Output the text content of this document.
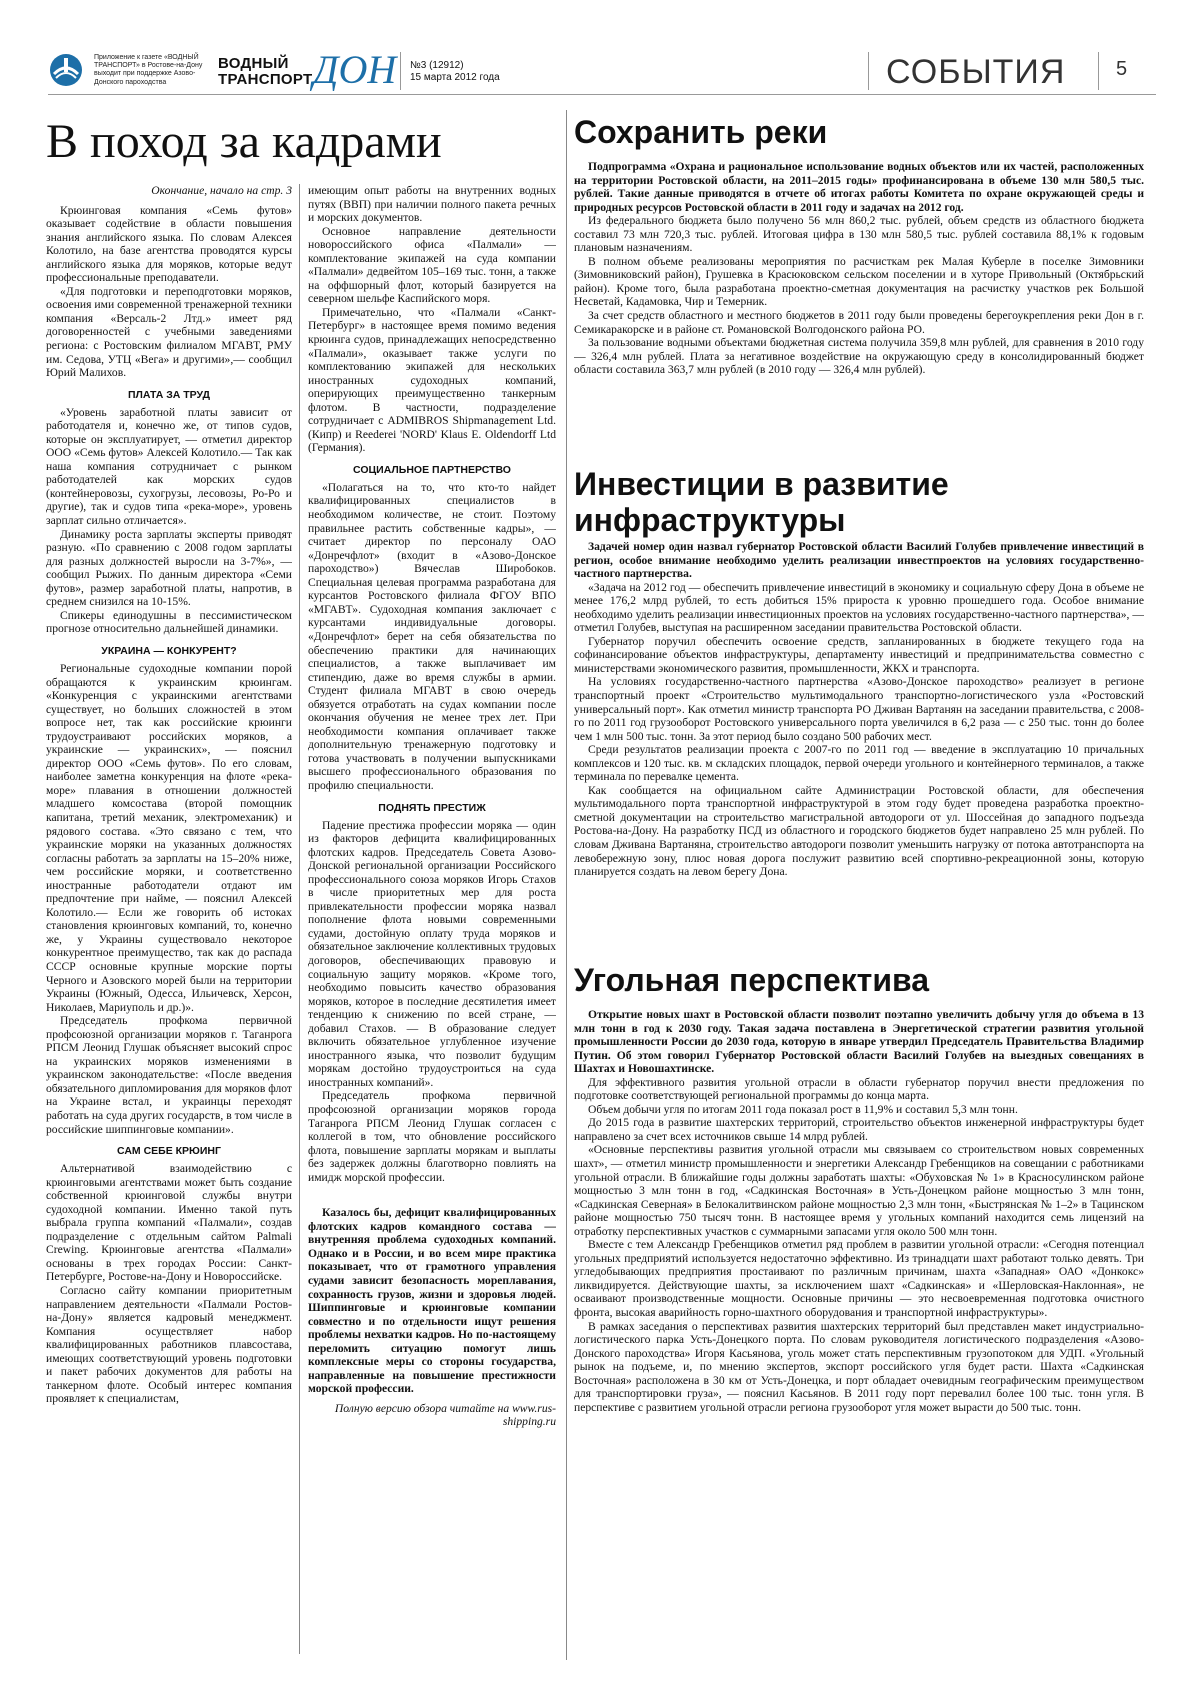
Приложение к газете «ВОДНЫЙ ТРАНСПОРТ» в Ростове-на-Дону выходит при поддержке Азово-Донского пароходства
ВОДНЫЙ
ТРАНСПОРТ ДОН №3 (12912)
15 марта 2012 года	СОБЫТИЯ	5
В поход за кадрами

Окончание, начало на стр. 3

Крюинговая компания «Семь футов» оказывает содействие в области повышения знания английского языка. По словам Алексея Колотило, на базе агентства проводятся курсы английского языка для моряков, которые ведут профессиональные преподаватели.

«Для подготовки и переподготовки моряков, освоения ими современной тренажерной техники компания «Версаль-2 Лтд.» имеет ряд договоренностей с учебными заведениями региона: с Ростовским филиалом МГАВТ, РМУ им. Седова, УТЦ «Вега» и другими»,— сообщил Юрий Малихов.

ПЛАТА ЗА ТРУД

«Уровень заработной платы зависит от работодателя и, конечно же, от типов судов, которые он эксплуатирует, — отметил директор ООО «Семь футов» Алексей Колотило.— Так как наша компания сотрудничает с рынком работодателей как морских судов (контейнеровозы, сухогрузы, лесовозы, Ро-Ро и другие), так и судов типа «река-море», уровень зарплат сильно отличается».

Динамику роста зарплаты эксперты приводят разную. «По сравнению с 2008 годом зарплаты для разных должностей выросли на 3-7%», — сообщил Рыжих. По данным директора «Семи футов», размер заработной платы, напротив, в среднем снизился на 10-15%.

Спикеры единодушны в пессимистическом прогнозе относительно дальнейшей динамики.

УКРАИНА — КОНКУРЕНТ?

Региональные судоходные компании порой обращаются к украинским крюингам. «Конкуренция с украинскими агентствами существует, но больших сложностей в этом вопросе нет, так как российские крюинги трудоустраивают российских моряков, а украинские — украинских», — пояснил директор ООО «Семь футов». По его словам, наиболее заметна конкуренция на флоте «река-море» плавания в отношении должностей младшего комсостава (второй помощник капитана, третий механик, электромеханик) и рядового состава. «Это связано с тем, что украинские моряки на указанных должностях согласны работать за зарплаты на 15–20% ниже, чем российские моряки, и соответственно иностранные работодатели отдают им предпочтение при найме, — пояснил Алексей Колотило.— Если же говорить об истоках становления крюинговых компаний, то, конечно же, у Украины существовало некоторое конкурентное преимущество, так как до распада СССР основные крупные морские порты Черного и Азовского морей были на территории Украины (Южный, Одесса, Ильичевск, Херсон, Николаев, Мариуполь и др.)».

Председатель профкома первичной профсоюзной организации моряков г. Таганрога РПСМ Леонид Глушак объясняет высокий спрос на украинских моряков изменениями в украинском законодательстве: «После введения обязательного дипломирования для моряков флот на Украине встал, и украинцы переходят работать на суда других государств, в том числе в российские шиппинговые компании».

САМ СЕБЕ КРЮИНГ

Альтернативой взаимодействию с крюинговыми агентствами может быть создание собственной крюинговой службы внутри судоходной компании. Именно такой путь выбрала группа компаний «Палмали», создав подразделение с отдельным сайтом Palmali Crewing. Крюинговые агентства «Палмали» основаны в трех городах России: Санкт-Петербурге, Ростове-на-Дону и Новороссийске.

Согласно сайту компании приоритетным направлением деятельности «Палмали Ростов-на-Дону» является кадровый менеджмент. Компания осуществляет набор квалифицированных работников плавсостава, имеющих соответствующий уровень подготовки и пакет рабочих документов для работы на танкерном флоте. Особый интерес компания проявляет к специалистам,

имеющим опыт работы на внутренних водных путях (ВВП) при наличии полного пакета речных и морских документов.

Основное направление деятельности новороссийского офиса «Палмали» — комплектование экипажей на суда компании «Палмали» дедвейтом 105–169 тыс. тонн, а также на оффшорный флот, который базируется на северном шельфе Каспийского моря.

Примечательно, что «Палмали «Санкт-Петербург» в настоящее время помимо ведения крюинга судов, принадлежащих непосредственно «Палмали», оказывает также услуги по комплектованию экипажей для нескольких иностранных судоходных компаний, оперирующих преимущественно танкерным флотом. В частности, подразделение сотрудничает с ADMIBROS Shipmanagement Ltd. (Кипр) и Reederei 'NORD' Klaus E. Oldendorff Ltd (Германия).

СОЦИАЛЬНОЕ ПАРТНЕРСТВО

«Полагаться на то, что кто-то найдет квалифицированных специалистов в необходимом количестве, не стоит. Поэтому правильнее растить собственные кадры», — считает директор по персоналу ОАО «Донречфлот» (входит в «Азово-Донское пароходство») Вячеслав Широбоков. Специальная целевая программа разработана для курсантов Ростовского филиала ФГОУ ВПО «МГАВТ». Судоходная компания заключает с курсантами индивидуальные договоры. «Донречфлот» берет на себя обязательства по обеспечению практики для начинающих специалистов, а также выплачивает им стипендию, даже во время службы в армии. Студент филиала МГАВТ в свою очередь обязуется отработать на судах компании после окончания обучения не менее трех лет. При необходимости компания оплачивает также дополнительную тренажерную подготовку и готова участвовать в получении выпускниками высшего профессионального образования по профилю специальности.

ПОДНЯТЬ ПРЕСТИЖ

Падение престижа профессии моряка — один из факторов дефицита квалифицированных флотских кадров. Председатель Совета Азово-Донской региональной организации Российского профессионального союза моряков Игорь Стахов в числе приоритетных мер для роста привлекательности профессии моряка назвал пополнение флота новыми современными судами, достойную оплату труда моряков и обязательное заключение коллективных трудовых договоров, обеспечивающих правовую и социальную защиту моряков. «Кроме того, необходимо повысить качество образования моряков, которое в последние десятилетия имеет тенденцию к снижению по всей стране, — добавил Стахов. — В образование следует включить обязательное углубленное изучение иностранного языка, что позволит будущим морякам достойно трудоустроиться на суда иностранных компаний».

Председатель профкома первичной профсоюзной организации моряков города Таганрога РПСМ Леонид Глушак согласен с коллегой в том, что обновление российского флота, повышение зарплаты морякам и выплаты без задержек должны благотворно повлиять на имидж морской профессии.

Казалось бы, дефицит квалифицированных флотских кадров командного состава — внутренняя проблема судоходных компаний. Однако и в России, и во всем мире практика показывает, что от грамотного управления судами зависит безопасность мореплавания, сохранность грузов, жизни и здоровья людей. Шиппинговые и крюинговые компании совместно и по отдельности ищут решения проблемы нехватки кадров. Но по-настоящему переломить ситуацию помогут лишь комплексные меры со стороны государства, направленные на повышение престижности морской профессии.

Полную версию обзора читайте на www.rus-shipping.ru

Сохранить реки

Подпрограмма «Охрана и рациональное использование водных объектов или их частей, расположенных на территории Ростовской области, на 2011–2015 годы» профинансирована в объеме 130 млн 580,5 тыс. рублей. Такие данные приводятся в отчете об итогах работы Комитета по охране окружающей среды и природных ресурсов Ростовской области в 2011 году и задачах на 2012 год.

Из федерального бюджета было получено 56 млн 860,2 тыс. рублей, объем средств из областного бюджета составил 73 млн 720,3 тыс. рублей. Итоговая цифра в 130 млн 580,5 тыс. рублей составила 88,1% к годовым плановым назначениям.

В полном объеме реализованы мероприятия по расчисткам рек Малая Куберле в поселке Зимовники (Зимовниковский район), Грушевка в Красюковском сельском поселении и в хуторе Привольный (Октябрьский район). Кроме того, была разработана проектно-сметная документация на расчистку участков рек Большой Несветай, Кадамовка, Чир и Темерник.

За счет средств областного и местного бюджетов в 2011 году были проведены берегоукрепления реки Дон в г. Семикаракорске и в районе ст. Романовской Волгодонского района РО.

За пользование водными объектами бюджетная система получила 359,8 млн рублей, для сравнения в 2010 году — 326,4 млн рублей. Плата за негативное воздействие на окружающую среду в консолидированный бюджет области составила 363,7 млн рублей (в 2010 году — 326,4 млн рублей).

Инвестиции в развитие
инфраструктуры

Задачей номер один назвал губернатор Ростовской области Василий Голубев привлечение инвестиций в регион, особое внимание необходимо уделить реализации инвестпроектов на условиях государственно-частного партнерства.

«Задача на 2012 год — обеспечить привлечение инвестиций в экономику и социальную сферу Дона в объеме не менее 176,2 млрд рублей, то есть добиться 15% прироста к уровню прошедшего года. Особое внимание необходимо уделить реализации инвестиционных проектов на условиях государственно-частного партнерства», — отметил Голубев, выступая на расширенном заседании правительства Ростовской области.

Губернатор поручил обеспечить освоение средств, запланированных в бюджете текущего года на софинансирование объектов инфраструктуры, департаменту инвестиций и предпринимательства совместно с министерствами экономического развития, промышленности, ЖКХ и транспорта.

На условиях государственно-частного партнерства «Азово-Донское пароходство» реализует в регионе транспортный проект «Строительство мультимодального транспортно-логистического узла «Ростовский универсальный порт». Как отметил министр транспорта РО Дживан Вартанян на заседании правительства, с 2008-го по 2011 год грузооборот Ростовского универсального порта увеличился в 6,2 раза — с 250 тыс. тонн до более чем 1 млн 500 тыс. тонн. За этот период было создано 500 рабочих мест.

Среди результатов реализации проекта с 2007-го по 2011 год — введение в эксплуатацию 10 причальных комплексов и 120 тыс. кв. м складских площадок, первой очереди угольного и контейнерного терминалов, а также терминала по перевалке цемента.

Как сообщается на официальном сайте Администрации Ростовской области, для обеспечения мультимодального порта транспортной инфраструктурой в этом году будет проведена разработка проектно-сметной документации на строительство магистральной автодороги от ул. Шоссейная до западного подъезда Ростова-на-Дону. На разработку ПСД из областного и городского бюджетов будет направлено 25 млн рублей. По словам Дживана Вартаняна, строительство автодороги позволит уменьшить нагрузку от потока автотранспорта на левобережную зону, плюс новая дорога послужит развитию всей спортивно-рекреационной зоны, которую планируется создать на левом берегу Дона.

Угольная перспектива

Открытие новых шахт в Ростовской области позволит поэтапно увеличить добычу угля до объема в 13 млн тонн в год к 2030 году. Такая задача поставлена в Энергетической стратегии развития угольной промышленности России до 2030 года, которую в январе утвердил Председатель Правительства Владимир Путин. Об этом говорил Губернатор Ростовской области Василий Голубев на выездных совещаниях в Шахтах и Новошахтинске.

Для эффективного развития угольной отрасли в области губернатор поручил внести предложения по подготовке соответствующей региональной программы до конца марта.

Объем добычи угля по итогам 2011 года показал рост в 11,9% и составил 5,3 млн тонн.

До 2015 года в развитие шахтерских территорий, строительство объектов инженерной инфраструктуры будет направлено за счет всех источников свыше 14 млрд рублей.

«Основные перспективы развития угольной отрасли мы связываем со строительством новых современных шахт», — отметил министр промышленности и энергетики Александр Гребенщиков на совещании с работниками угольной отрасли. В ближайшие годы должны заработать шахты: «Обуховская № 1» в Красносулинском районе мощностью 3 млн тонн в год, «Садкинская Восточная» в Усть-Донецком районе мощностью 3 млн тонн, «Садкинская Северная» в Белокалитвинском районе мощностью 2,3 млн тонн, «Быстрянская № 1–2» в Тацинском районе мощностью 750 тысяч тонн. В настоящее время у угольных компаний находится семь лицензий на отработку перспективных участков с суммарными запасами угля около 500 млн тонн.

Вместе с тем Александр Гребенщиков отметил ряд проблем в развитии угольной отрасли: «Сегодня потенциал угольных предприятий используется недостаточно эффективно. Из тринадцати шахт работают только девять. Три угледобывающих предприятия простаивают по различным причинам, шахта «Западная» ОАО «Донкокс» ликвидируется. Действующие шахты, за исключением шахт «Садкинская» и «Шерловская-Наклонная», не осваивают производственные мощности. Основные причины — это несвоевременная подготовка очистного фронта, высокая аварийность горно-шахтного оборудования и транспортной инфраструктуры».

В рамках заседания о перспективах развития шахтерских территорий был представлен макет индустриально-логистического парка Усть-Донецкого порта. По словам руководителя логистического подразделения «Азово-Донского пароходства» Игоря Касьянова, уголь может стать перспективным грузопотоком для УДП. «Угольный рынок на подъеме, и, по мнению экспертов, экспорт российского угля будет расти. Шахта «Садкинская Восточная» расположена в 30 км от Усть-Донецка, и порт обладает очевидным географическим преимуществом для транспортировки груза», — пояснил Касьянов. В 2011 году порт перевалил более 100 тыс. тонн угля. В перспективе с развитием угольной отрасли региона грузооборот угля может вырасти до 500 тыс. тонн.
